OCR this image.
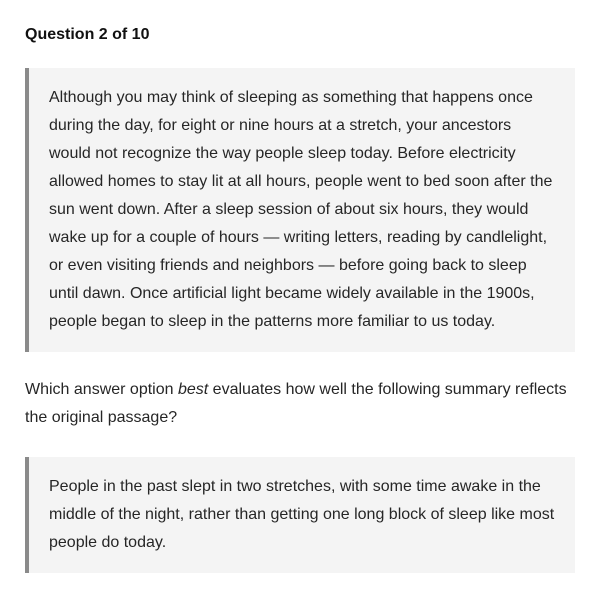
Question 2 of 10
Although you may think of sleeping as something that happens once during the day, for eight or nine hours at a stretch, your ancestors would not recognize the way people sleep today. Before electricity allowed homes to stay lit at all hours, people went to bed soon after the sun went down. After a sleep session of about six hours, they would wake up for a couple of hours — writing letters, reading by candlelight, or even visiting friends and neighbors — before going back to sleep until dawn. Once artificial light became widely available in the 1900s, people began to sleep in the patterns more familiar to us today.
Which answer option best evaluates how well the following summary reflects the original passage?
People in the past slept in two stretches, with some time awake in the middle of the night, rather than getting one long block of sleep like most people do today.
